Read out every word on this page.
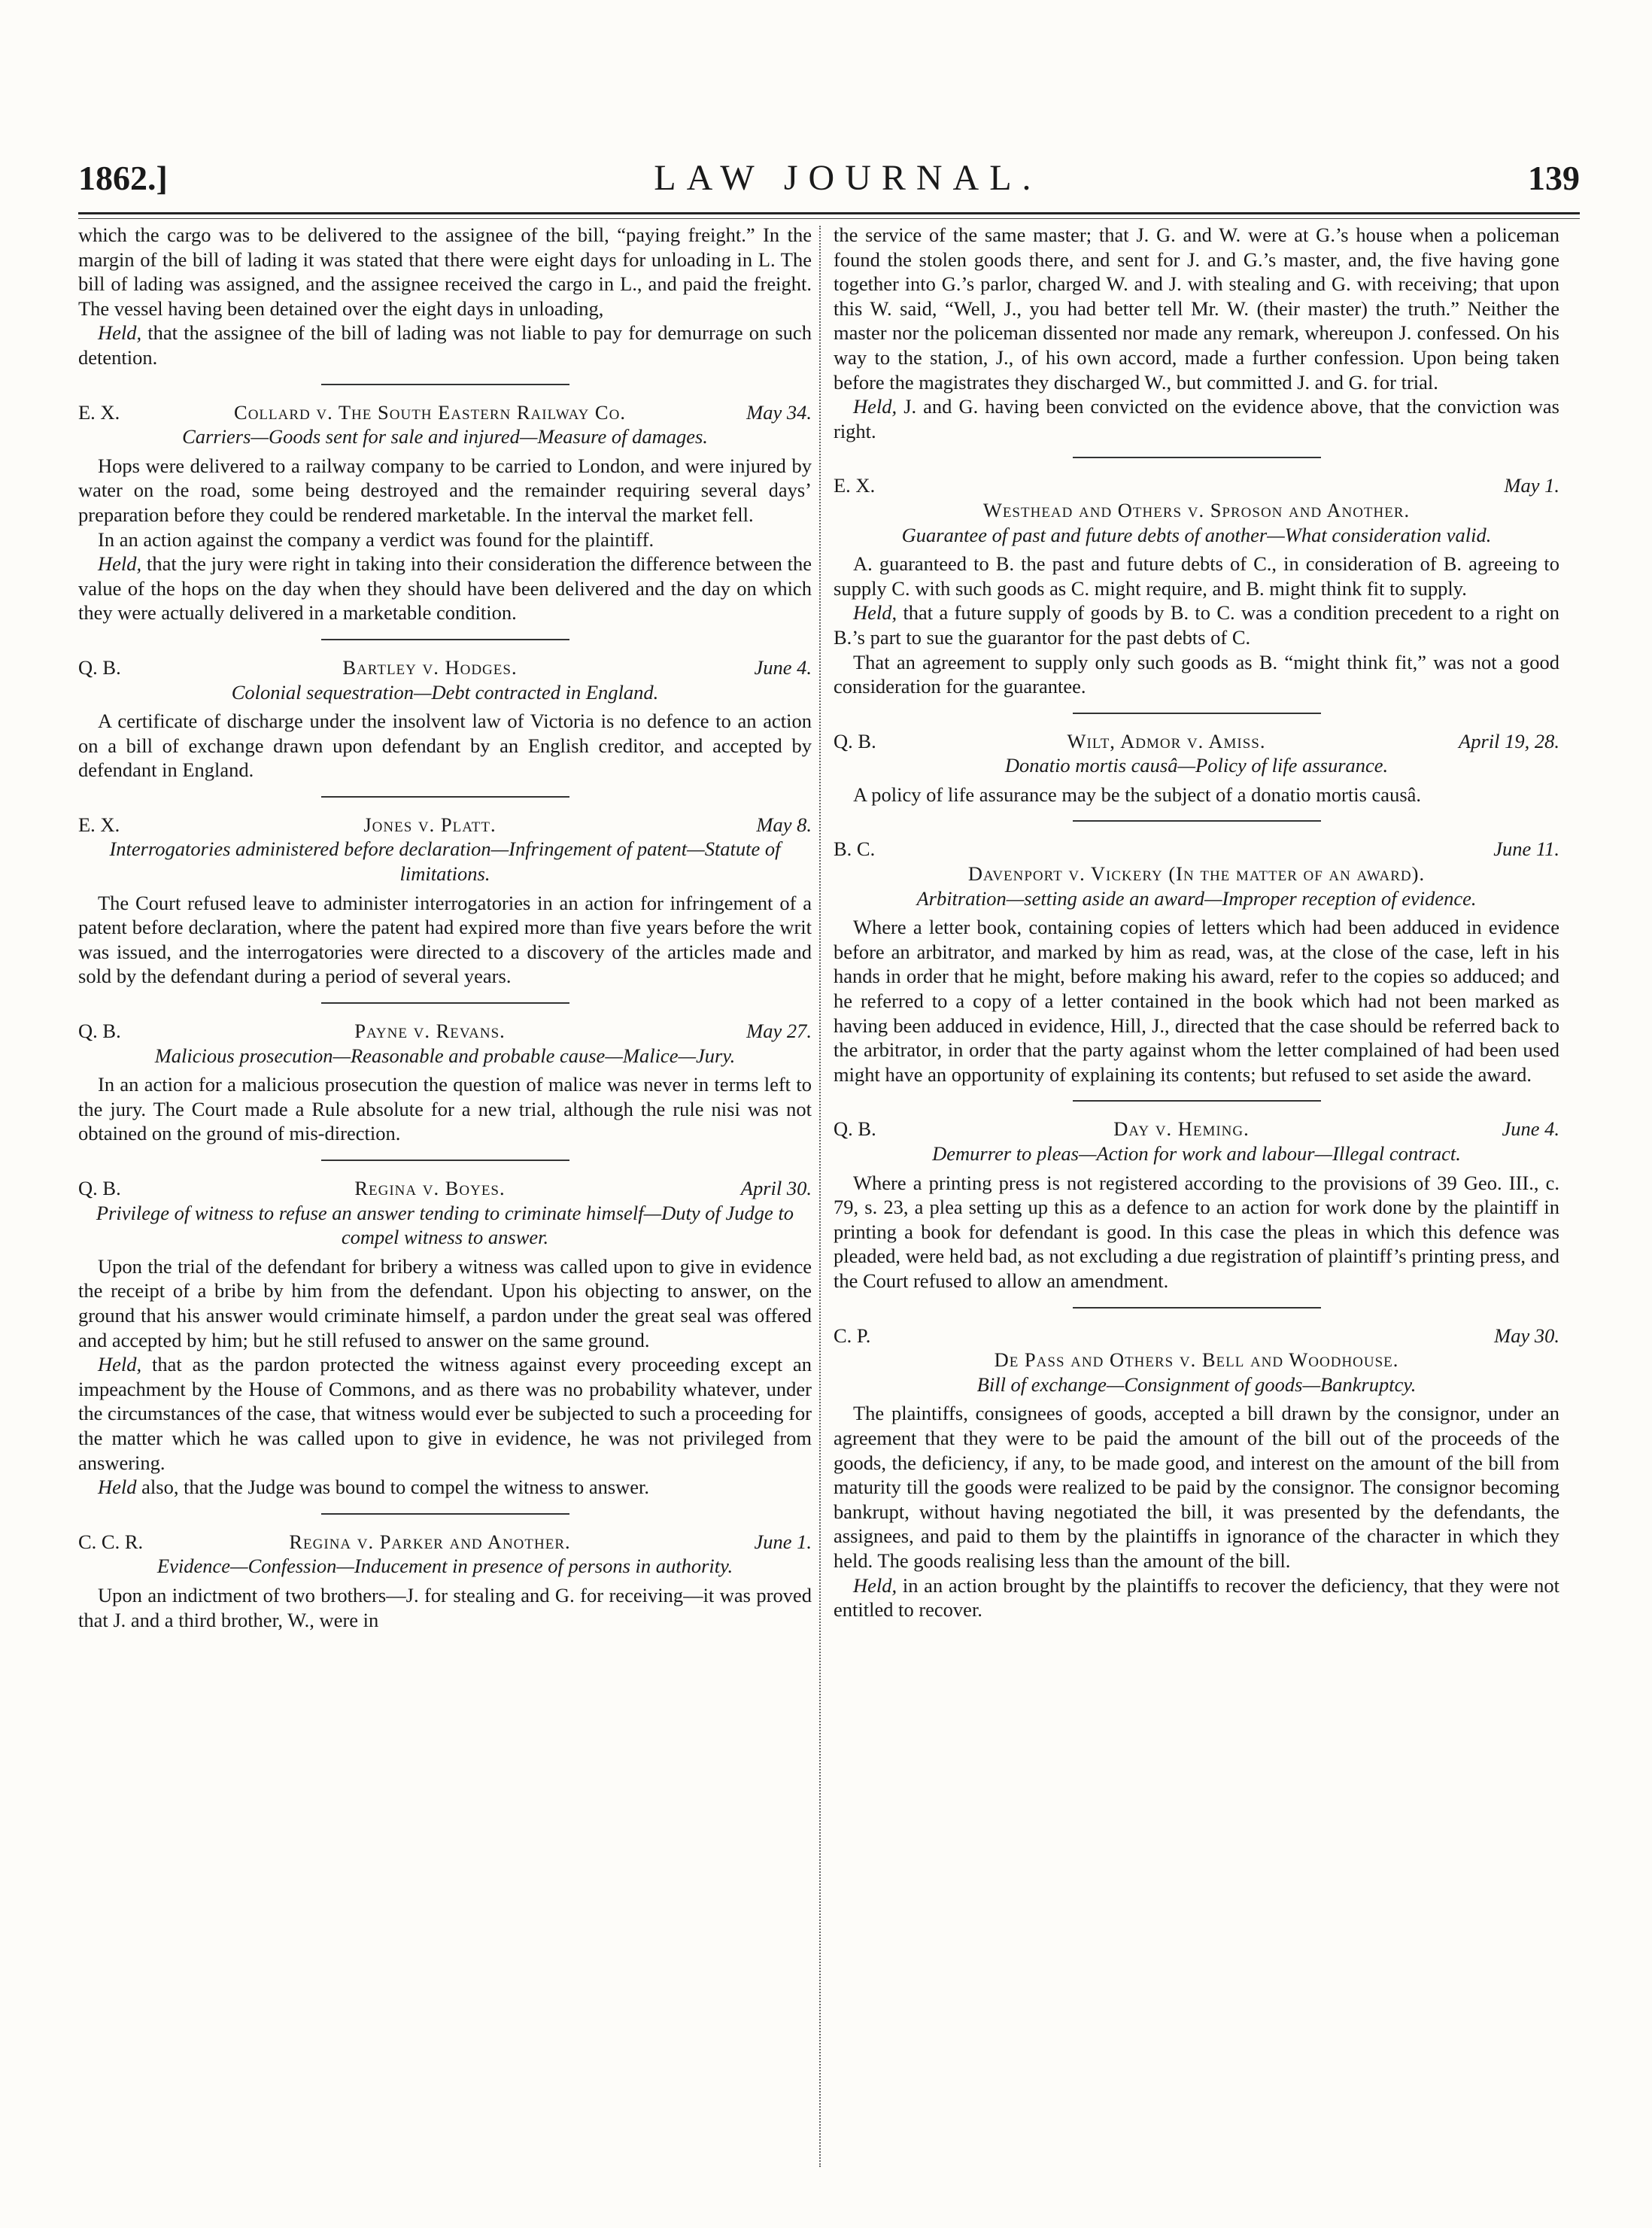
1862.]	LAW JOURNAL.	139

which the cargo was to be delivered to the assignee of the bill, “paying freight.” In the margin of the bill of lading it was stated that there were eight days for unloading in L. The bill of lading was assigned, and the assignee received the cargo in L., and paid the freight. The vessel having been detained over the eight days in unloading,

Held, that the assignee of the bill of lading was not liable to pay for demurrage on such detention.

E. X.	Collard v. The South Eastern Railway Co.	May 34.

Carriers—Goods sent for sale and injured—Measure of damages.

Hops were delivered to a railway company to be carried to London, and were injured by water on the road, some being destroyed and the remainder requiring several days’ preparation before they could be rendered marketable. In the interval the market fell.

In an action against the company a verdict was found for the plaintiff.

Held, that the jury were right in taking into their consideration the difference between the value of the hops on the day when they should have been delivered and the day on which they were actually delivered in a marketable condition.

Q. B.	Bartley v. Hodges.	June 4.

Colonial sequestration—Debt contracted in England.

A certificate of discharge under the insolvent law of Victoria is no defence to an action on a bill of exchange drawn upon defendant by an English creditor, and accepted by defendant in England.

E. X.	Jones v. Platt.	May 8.

Interrogatories administered before declaration—Infringement of patent—Statute of limitations.

The Court refused leave to administer interrogatories in an action for infringement of a patent before declaration, where the patent had expired more than five years before the writ was issued, and the interrogatories were directed to a discovery of the articles made and sold by the defendant during a period of several years.

Q. B.	Payne v. Revans.	May 27.

Malicious prosecution—Reasonable and probable cause—Malice—Jury.

In an action for a malicious prosecution the question of malice was never in terms left to the jury. The Court made a Rule absolute for a new trial, although the rule nisi was not obtained on the ground of mis-direction.

Q. B.	Regina v. Boyes.	April 30.

Privilege of witness to refuse an answer tending to criminate himself—Duty of Judge to compel witness to answer.

Upon the trial of the defendant for bribery a witness was called upon to give in evidence the receipt of a bribe by him from the defendant. Upon his objecting to answer, on the ground that his answer would criminate himself, a pardon under the great seal was offered and accepted by him; but he still refused to answer on the same ground.

Held, that as the pardon protected the witness against every proceeding except an impeachment by the House of Commons, and as there was no probability whatever, under the circumstances of the case, that witness would ever be subjected to such a proceeding for the matter which he was called upon to give in evidence, he was not privileged from answering.

Held also, that the Judge was bound to compel the witness to answer.

C. C. R.	Regina v. Parker and Another.	June 1.

Evidence—Confession—Inducement in presence of persons in authority.

Upon an indictment of two brothers—J. for stealing and G. for receiving—it was proved that J. and a third brother, W., were in

the service of the same master; that J. G. and W. were at G.’s house when a policeman found the stolen goods there, and sent for J. and G.’s master, and, the five having gone together into G.’s parlor, charged W. and J. with stealing and G. with receiving; that upon this W. said, “Well, J., you had better tell Mr. W. (their master) the truth.” Neither the master nor the policeman dissented nor made any remark, whereupon J. confessed. On his way to the station, J., of his own accord, made a further confession. Upon being taken before the magistrates they discharged W., but committed J. and G. for trial.

Held, J. and G. having been convicted on the evidence above, that the conviction was right.

E. X.	May 1.

Westhead and Others v. Sproson and Another.

Guarantee of past and future debts of another—What consideration valid.

A. guaranteed to B. the past and future debts of C., in consideration of B. agreeing to supply C. with such goods as C. might require, and B. might think fit to supply.

Held, that a future supply of goods by B. to C. was a condition precedent to a right on B.’s part to sue the guarantor for the past debts of C.

That an agreement to supply only such goods as B. “might think fit,” was not a good consideration for the guarantee.

Q. B.	Wilt, Admor v. Amiss.	April 19, 28.

Donatio mortis causâ—Policy of life assurance.

A policy of life assurance may be the subject of a donatio mortis causâ.

B. C.	June 11.

Davenport v. Vickery (In the matter of an award).

Arbitration—setting aside an award—Improper reception of evidence.

Where a letter book, containing copies of letters which had been adduced in evidence before an arbitrator, and marked by him as read, was, at the close of the case, left in his hands in order that he might, before making his award, refer to the copies so adduced; and he referred to a copy of a letter contained in the book which had not been marked as having been adduced in evidence, Hill, J., directed that the case should be referred back to the arbitrator, in order that the party against whom the letter complained of had been used might have an opportunity of explaining its contents; but refused to set aside the award.

Q. B.	Day v. Heming.	June 4.

Demurrer to pleas—Action for work and labour—Illegal contract.

Where a printing press is not registered according to the provisions of 39 Geo. III., c. 79, s. 23, a plea setting up this as a defence to an action for work done by the plaintiff in printing a book for defendant is good. In this case the pleas in which this defence was pleaded, were held bad, as not excluding a due registration of plaintiff’s printing press, and the Court refused to allow an amendment.

C. P.	May 30.

De Pass and Others v. Bell and Woodhouse.

Bill of exchange—Consignment of goods—Bankruptcy.

The plaintiffs, consignees of goods, accepted a bill drawn by the consignor, under an agreement that they were to be paid the amount of the bill out of the proceeds of the goods, the deficiency, if any, to be made good, and interest on the amount of the bill from maturity till the goods were realized to be paid by the consignor. The consignor becoming bankrupt, without having negotiated the bill, it was presented by the defendants, the assignees, and paid to them by the plaintiffs in ignorance of the character in which they held. The goods realising less than the amount of the bill.

Held, in an action brought by the plaintiffs to recover the deficiency, that they were not entitled to recover.
